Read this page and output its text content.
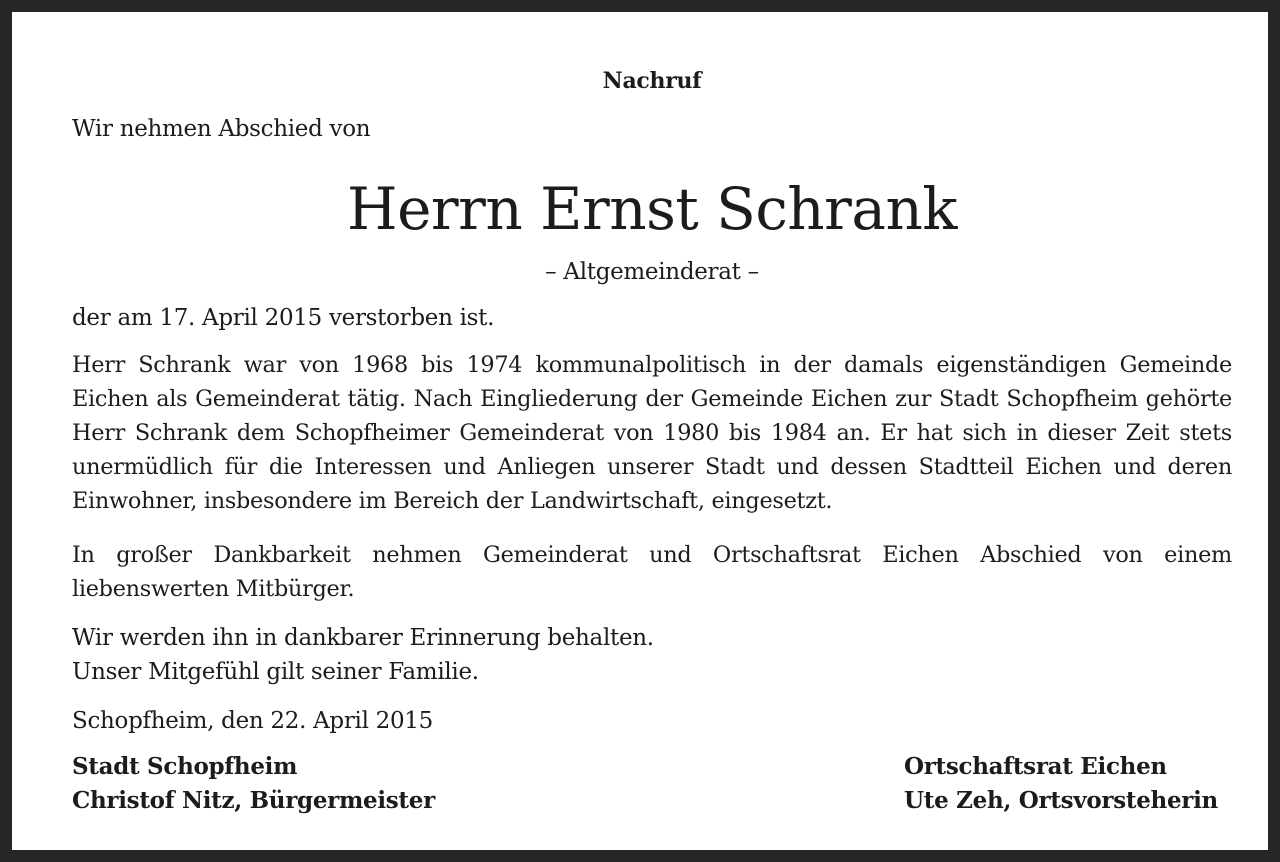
Nachruf
Wir nehmen Abschied von
Herrn Ernst Schrank
– Altgemeinderat –
der am 17. April 2015 verstorben ist.
Herr Schrank war von 1968 bis 1974 kommunalpolitisch in der damals eigenständigen Gemeinde Eichen als Gemeinderat tätig. Nach Eingliederung der Gemeinde Eichen zur Stadt Schopfheim gehörte Herr Schrank dem Schopfheimer Gemeinderat von 1980 bis 1984 an. Er hat sich in dieser Zeit stets unermüdlich für die Interessen und Anliegen unserer Stadt und dessen Stadtteil Eichen und deren Einwohner, insbesondere im Bereich der Landwirtschaft, eingesetzt.
In großer Dankbarkeit nehmen Gemeinderat und Ortschaftsrat Eichen Abschied von einem liebenswerten Mitbürger.
Wir werden ihn in dankbarer Erinnerung behalten.
Unser Mitgefühl gilt seiner Familie.
Schopfheim, den 22. April 2015
Stadt Schopfheim
Christof Nitz, Bürgermeister
Ortschaftsrat Eichen
Ute Zeh, Ortsvorsteherin
